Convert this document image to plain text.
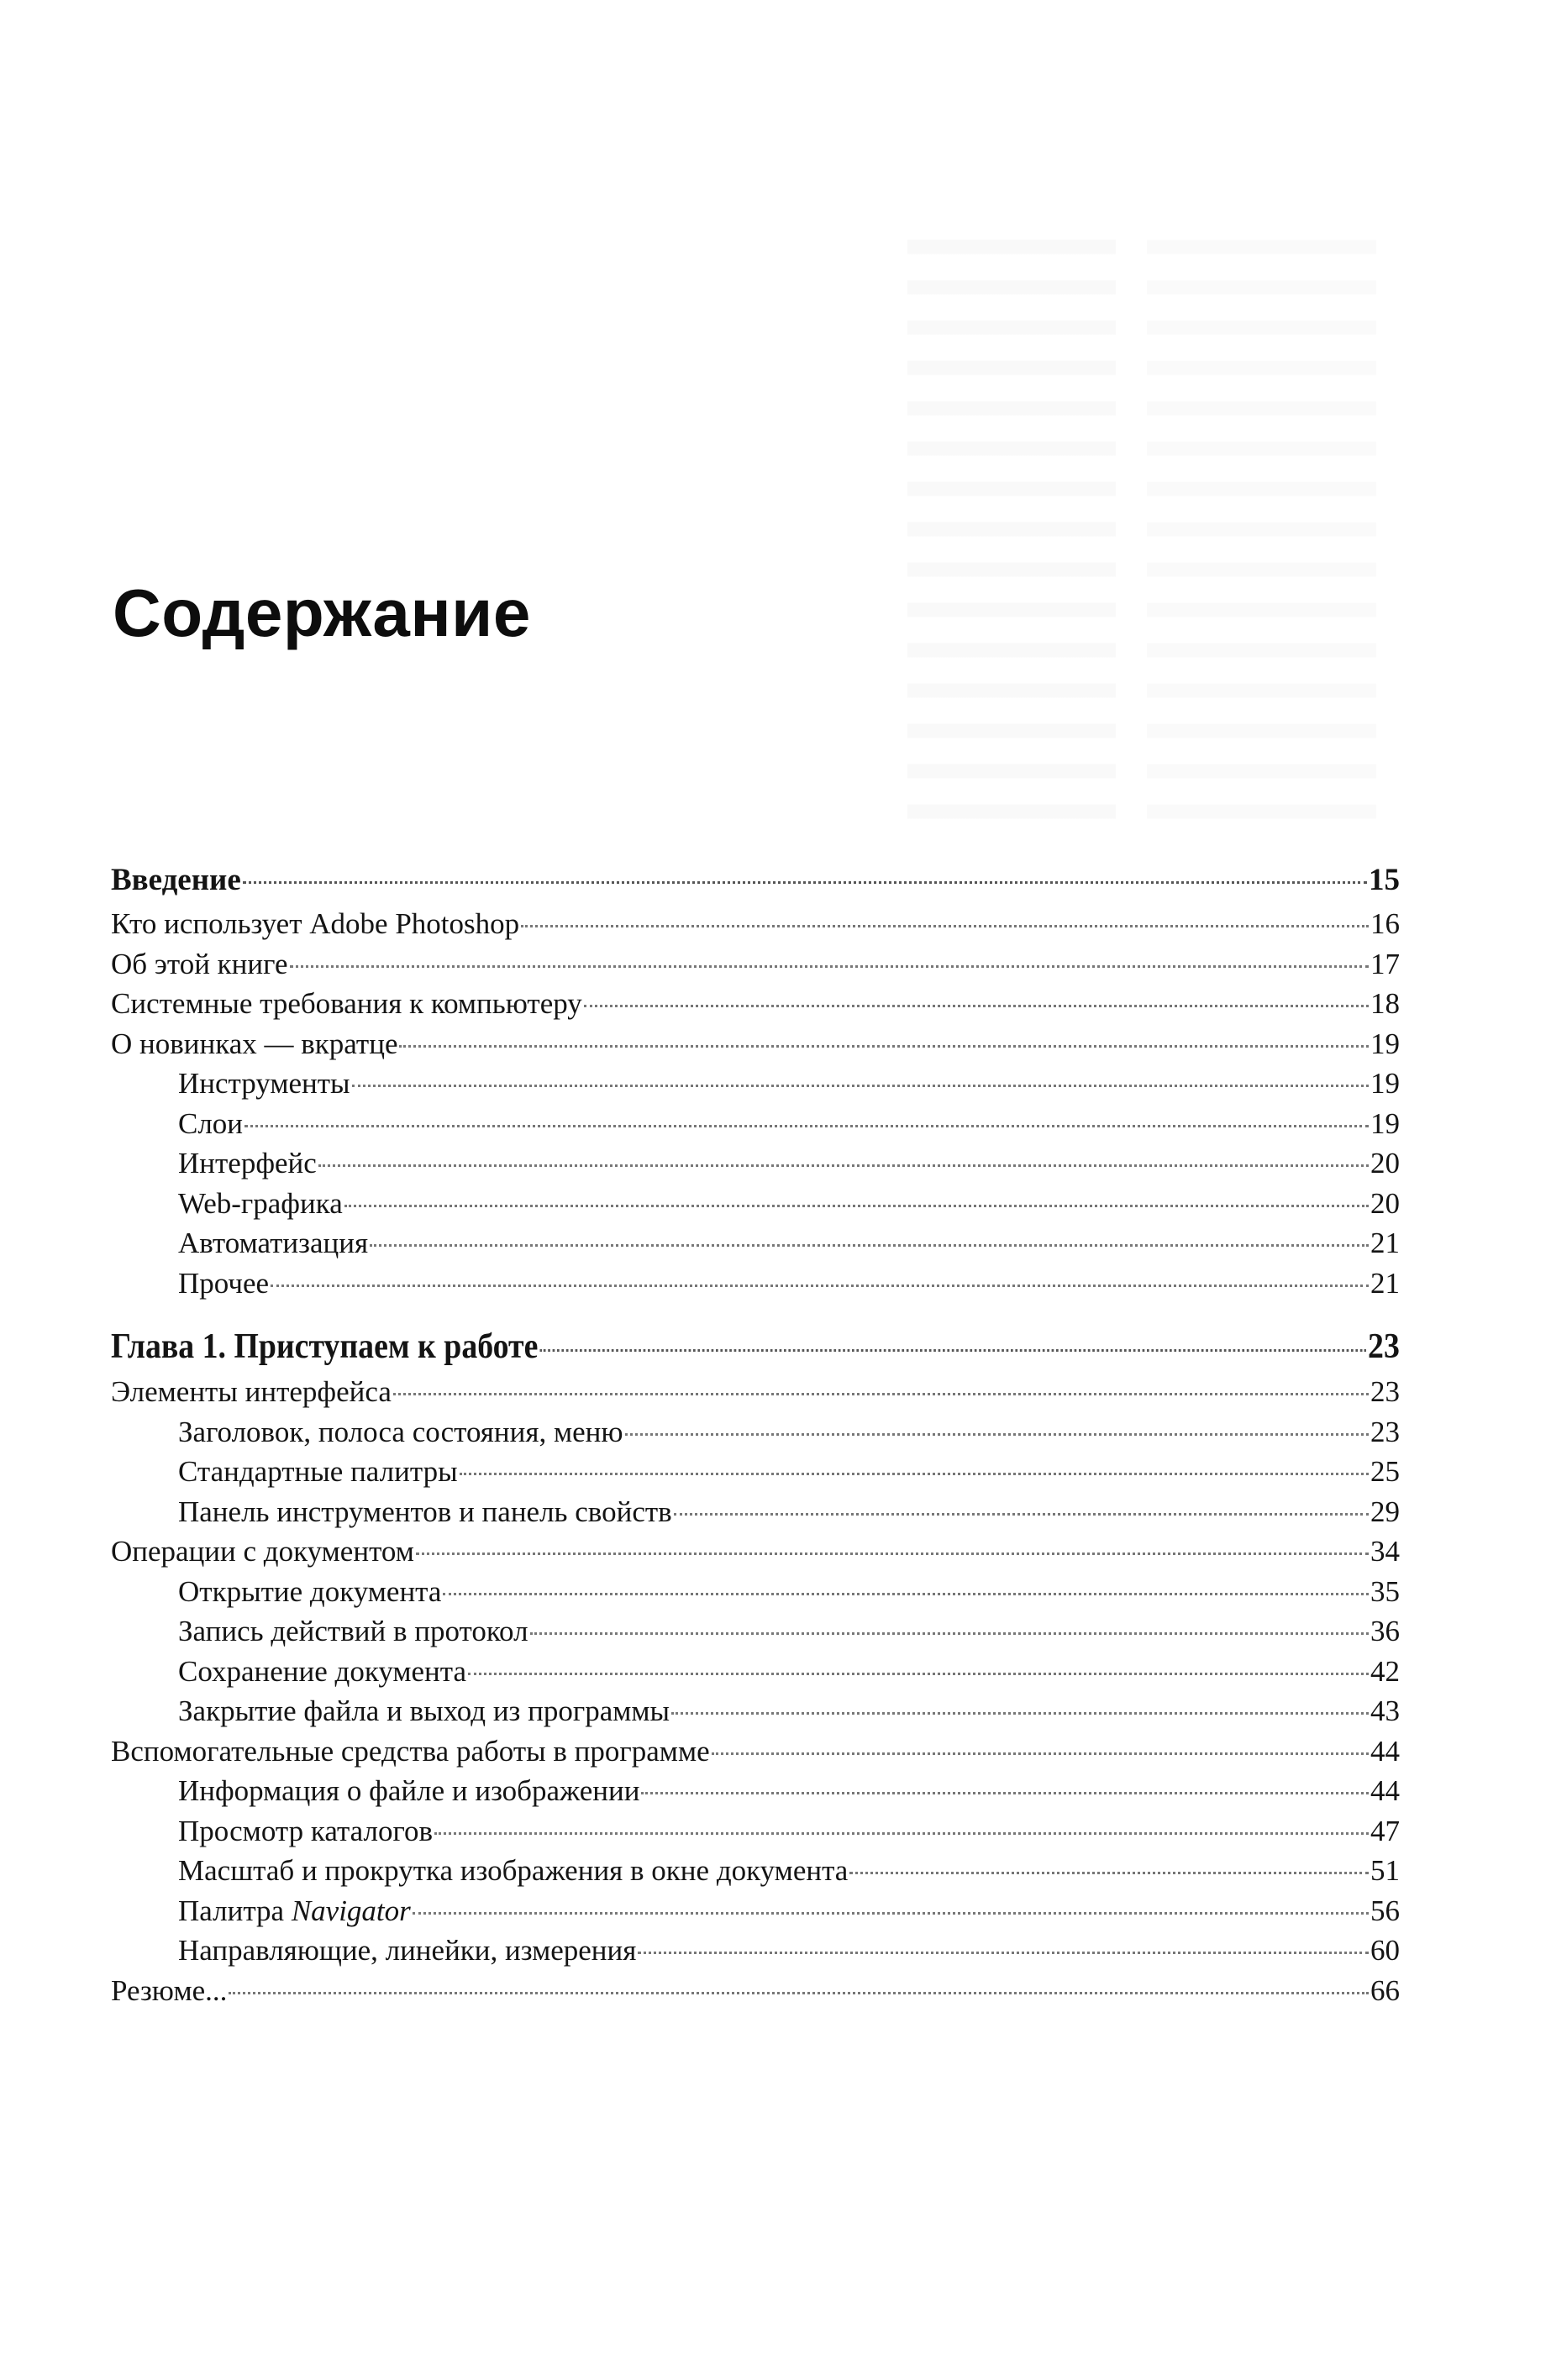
Содержание
Введение	15
Кто использует Adobe Photoshop	16
Об этой книге	17
Системные требования к компьютеру	18
О новинках — вкратце	19
Инструменты	19
Слои	19
Интерфейс	20
Web-графика	20
Автоматизация	21
Прочее	21
Глава 1. Приступаем к работе	23
Элементы интерфейса	23
Заголовок, полоса состояния, меню	23
Стандартные палитры	25
Панель инструментов и панель свойств	29
Операции с документом	34
Открытие документа	35
Запись действий в протокол	36
Сохранение документа	42
Закрытие файла и выход из программы	43
Вспомогательные средства работы в программе	44
Информация о файле и изображении	44
Просмотр каталогов	47
Масштаб и прокрутка изображения в окне документа	51
Палитра Navigator	56
Направляющие, линейки, измерения	60
Резюме...	66
